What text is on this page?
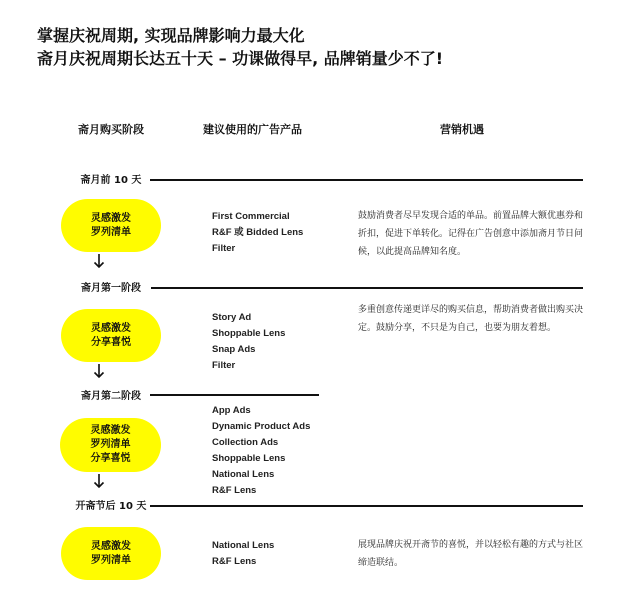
掌握庆祝周期, 实现品牌影响力最大化
斋月庆祝周期长达五十天 – 功课做得早, 品牌销量少不了!
斋月购买阶段	建议使用的广告产品	营销机遇
斋月前 10 天
灵感激发
罗列清单
First Commercial
R&F 或 Bidded Lens
Filter
鼓励消费者尽早发现合适的单品。前置品牌大额优惠券和折扣，促进下单转化。记得在广告创意中添加斋月节日问候，以此提高品牌知名度。
斋月第一阶段
灵感激发
分享喜悦
Story Ad
Shoppable Lens
Snap Ads
Filter
多重创意传递更详尽的购买信息，帮助消费者做出购买决定。鼓励分享，不只是为自己，也要为朋友着想。
斋月第二阶段
灵感激发
罗列清单
分享喜悦
App Ads
Dynamic Product Ads
Collection Ads
Shoppable Lens
National Lens
R&F Lens
开斋节后 10 天
灵感激发
罗列清单
National Lens
R&F Lens
展现品牌庆祝开斋节的喜悦，并以轻松有趣的方式与社区缔造联结。
